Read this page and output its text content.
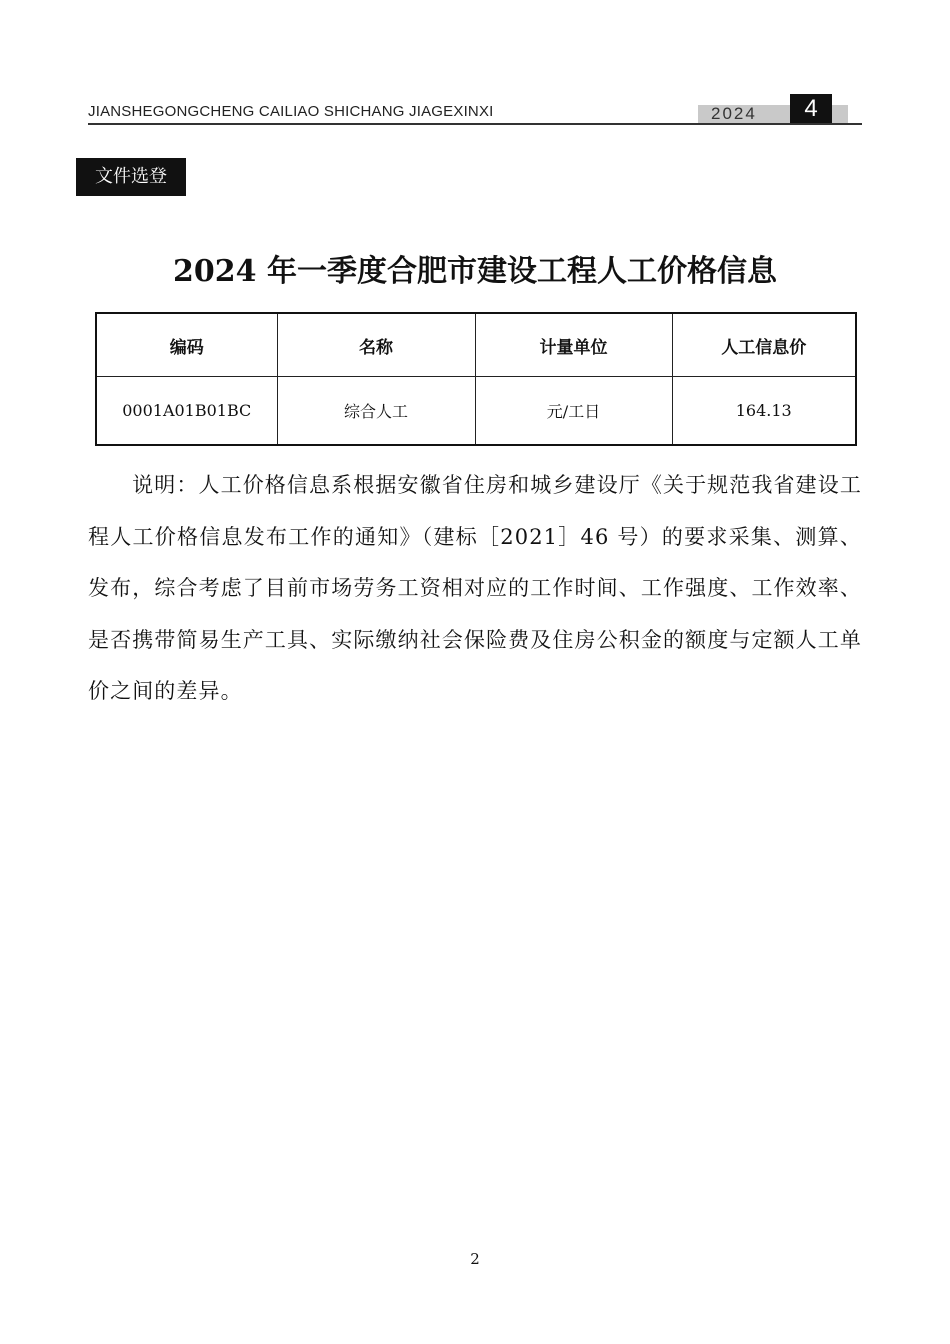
JIANSHEGONGCHENG CAILIAO SHICHANG JIAGEXINXI	2024	4
文件选登
2024 年一季度合肥市建设工程人工价格信息
编码	名称	计量单位	人工信息价
0001A01B01BC	综合人工	元/工日	164.13

说明：人工价格信息系根据安徽省住房和城乡建设厅《关于规范我省建设工程人工价格信息发布工作的通知》（建标［2021］46 号）的要求采集、测算、发布，综合考虑了目前市场劳务工资相对应的工作时间、工作强度、工作效率、是否携带简易生产工具、实际缴纳社会保险费及住房公积金的额度与定额人工单价之间的差异。

2
